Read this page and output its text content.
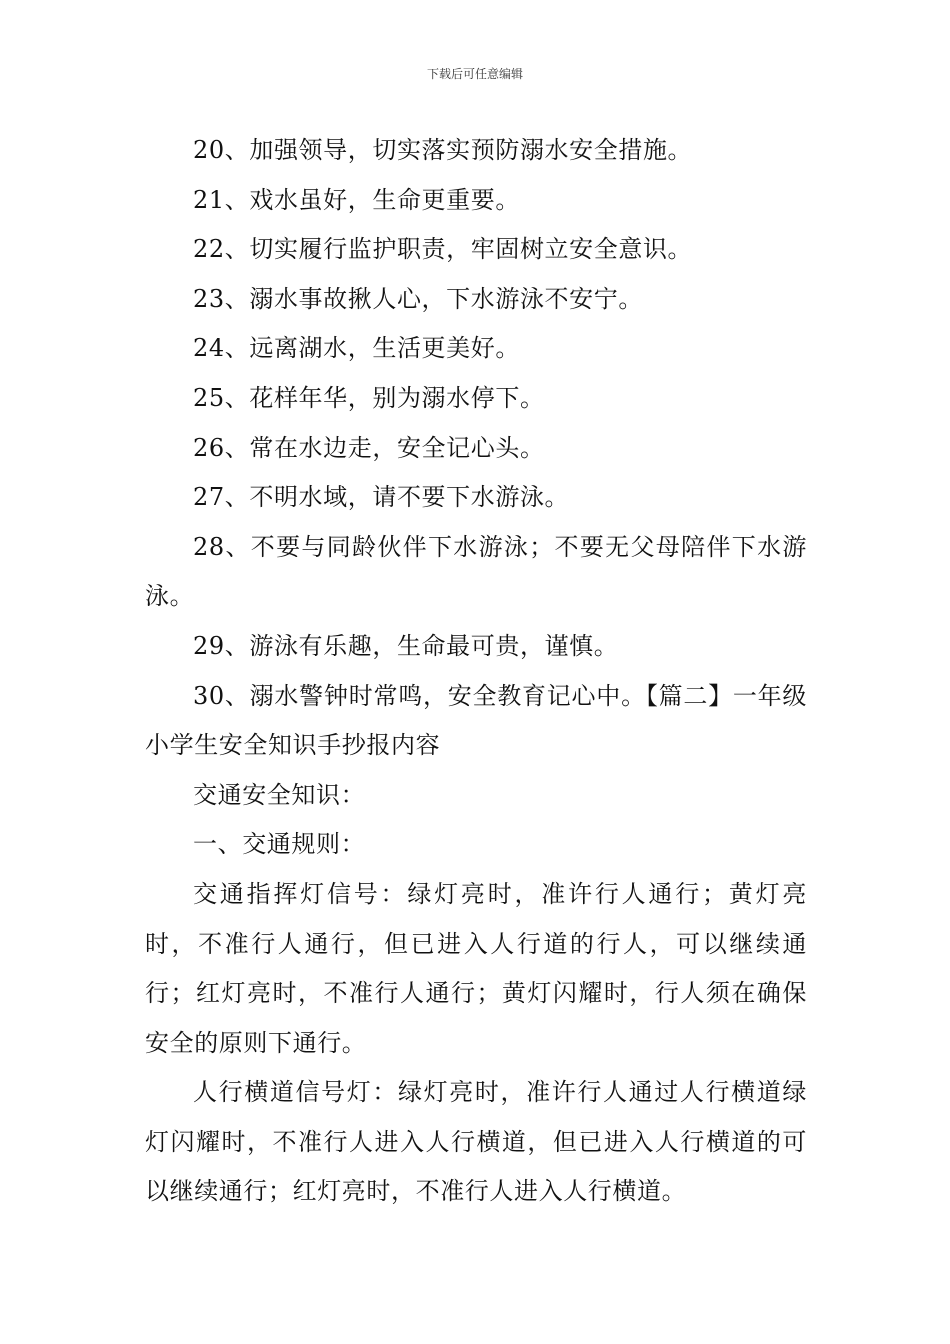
下载后可任意编辑

20、加强领导，切实落实预防溺水安全措施。

21、戏水虽好，生命更重要。

22、切实履行监护职责，牢固树立安全意识。

23、溺水事故揪人心，下水游泳不安宁。

24、远离湖水，生活更美好。

25、花样年华，别为溺水停下。

26、常在水边走，安全记心头。

27、不明水域，请不要下水游泳。

28、不要与同龄伙伴下水游泳；不要无父母陪伴下水游泳。

29、游泳有乐趣，生命最可贵，谨慎。

30、溺水警钟时常鸣，安全教育记心中。【篇二】一年级小学生安全知识手抄报内容

交通安全知识：

一、交通规则：

交通指挥灯信号：绿灯亮时，准许行人通行；黄灯亮时，不准行人通行，但已进入人行道的行人，可以继续通行；红灯亮时，不准行人通行；黄灯闪耀时，行人须在确保安全的原则下通行。

人行横道信号灯：绿灯亮时，准许行人通过人行横道绿灯闪耀时，不准行人进入人行横道，但已进入人行横道的可以继续通行；红灯亮时，不准行人进入人行横道。
